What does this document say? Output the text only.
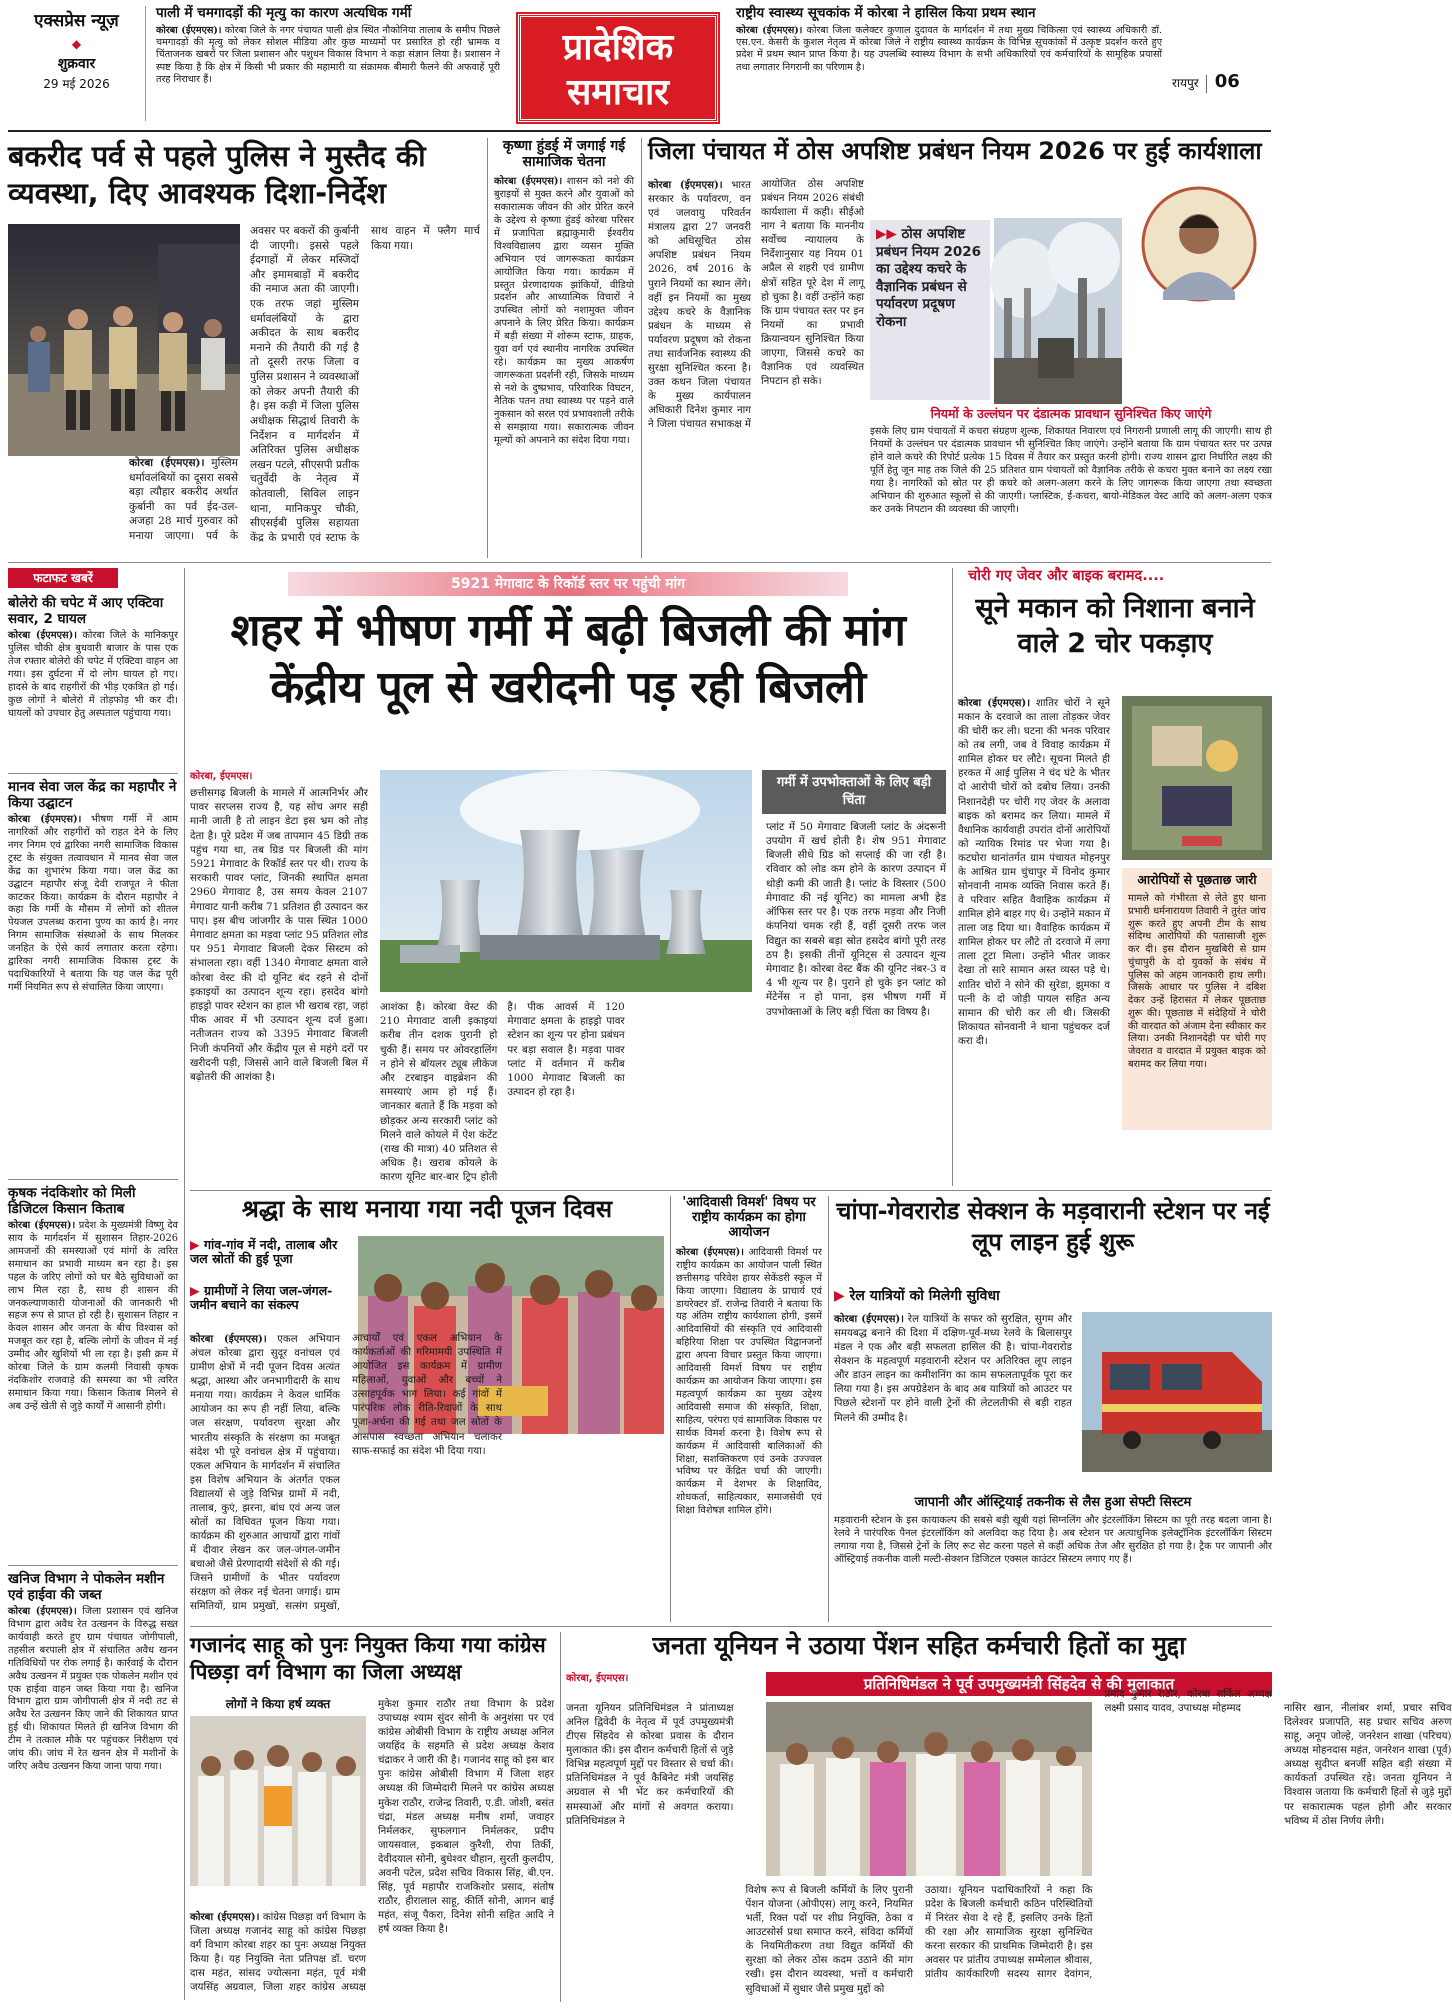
एक्सप्रेस न्यूज़
◆
शुक्रवार
29 मई 2026
पाली में चमगादड़ों की मृत्यु का कारण अत्यधिक गर्मी
कोरबा (ईएमएस)। कोरबा जिले के नगर पंचायत पाली क्षेत्र स्थित नौकोनिया तालाब के समीप पिछले चमगादड़ों की मृत्यु को लेकर सोशल मीडिया और कुछ माध्यमों पर प्रसारित हो रही भ्रामक व चिंताजनक खबरों पर जिला प्रशासन और पशुधन विकास विभाग ने कड़ा संज्ञान लिया है। प्रशासन ने स्पष्ट किया है कि क्षेत्र में किसी भी प्रकार की महामारी या संक्रामक बीमारी फैलने की अफवाहें पूरी तरह निराधार हैं।
प्रादेशिक
समाचार
राष्ट्रीय स्वास्थ्य सूचकांक में कोरबा ने हासिल किया प्रथम स्थान
कोरबा (ईएमएस)। कोरबा जिला कलेक्टर कुणाल दुदावत के मार्गदर्शन में तथा मुख्य चिकित्सा एवं स्वास्थ्य अधिकारी डॉ. एस.एन. केसरी के कुशल नेतृत्व में कोरबा जिले ने राष्ट्रीय स्वास्थ्य कार्यक्रम के विभिन्न सूचकांकों में उत्कृष्ट प्रदर्शन करते हुए प्रदेश में प्रथम स्थान प्राप्त किया है। यह उपलब्धि स्वास्थ्य विभाग के सभी अधिकारियों एवं कर्मचारियों के सामूहिक प्रयासों तथा लगातार निगरानी का परिणाम है।
रायपुर 06
बकरीद पर्व से पहले पुलिस ने मुस्तैद की व्यवस्था, दिए आवश्यक दिशा-निर्देश
कोरबा (ईएमएस)। मुस्लिम धर्मावलंबियों का दूसरा सबसे बड़ा त्यौहार बकरीद अर्थात कुर्बानी का पर्व ईद-उल-अजहा 28 मार्च गुरुवार को मनाया जाएगा। पर्व के अवसर पर बकरों की कुर्बानी दी जाएगी। इससे पहले ईदगाहों में लेकर मस्जिदों और इमामबाड़ों में बकरीद की नमाज अता की जाएगी। एक तरफ जहां मुस्लिम धर्मावलंबियों के द्वारा अकीदत के साथ बकरीद मनाने की तैयारी की गई है तो दूसरी तरफ जिला व पुलिस प्रशासन ने व्यवस्थाओं को लेकर अपनी तैयारी की है। इस कड़ी में जिला पुलिस अधीक्षक सिद्धार्थ तिवारी के निर्देशन व मार्गदर्शन में अतिरिक्त पुलिस अधीक्षक लखन पटले, सीएसपी प्रतीक चतुर्वेदी के नेतृत्व में कोतवाली, सिविल लाइन थाना, मानिकपुर चौकी, सीएसईबी पुलिस सहायता केंद्र के प्रभारी एवं स्टाफ के साथ वाहन में फ्लैग मार्च किया गया।
कृष्णा हुंडई में जगाई गई सामाजिक चेतना
कोरबा (ईएमएस)। शासन को नशे की बुराइयों से मुक्त करने और युवाओं को सकारात्मक जीवन की ओर प्रेरित करने के उद्देश्य से कृष्णा हुंडई कोरबा परिसर में प्रजापिता ब्रह्माकुमारी ईश्वरीय विश्वविद्यालय द्वारा व्यसन मुक्ति अभियान एवं जागरूकता कार्यक्रम आयोजित किया गया। कार्यक्रम में प्रस्तुत प्रेरणादायक झांकियों, वीडियो प्रदर्शन और आध्यात्मिक विचारों ने उपस्थित लोगों को नशामुक्त जीवन अपनाने के लिए प्रेरित किया। कार्यक्रम में बड़ी संख्या में शोरूम स्टाफ, ग्राहक, युवा वर्ग एवं स्थानीय नागरिक उपस्थित रहे। कार्यक्रम का मुख्य आकर्षण जागरूकता प्रदर्शनी रही, जिसके माध्यम से नशे के दुष्प्रभाव, परिवारिक विघटन, नैतिक पतन तथा स्वास्थ्य पर पड़ने वाले नुकसान को सरल एवं प्रभावशाली तरीके से समझाया गया। सकारात्मक जीवन मूल्यों को अपनाने का संदेश दिया गया।
जिला पंचायत में ठोस अपशिष्ट प्रबंधन नियम 2026 पर हुई कार्यशाला
कोरबा (ईएमएस)। भारत सरकार के पर्यावरण, वन एवं जलवायु परिवर्तन मंत्रालय द्वारा 27 जनवरी को अधिसूचित ठोस अपशिष्ट प्रबंधन नियम 2026, वर्ष 2016 के पुराने नियमों का स्थान लेंगे। वहीं इन नियमों का मुख्य उद्देश्य कचरे के वैज्ञानिक प्रबंधन के माध्यम से पर्यावरण प्रदूषण को रोकना तथा सार्वजनिक स्वास्थ्य की सुरक्षा सुनिश्चित करना है। उक्त कथन जिला पंचायत के मुख्य कार्यपालन अधिकारी दिनेश कुमार नाग ने जिला पंचायत सभाकक्ष में आयोजित ठोस अपशिष्ट प्रबंधन नियम 2026 संबंधी कार्यशाला में कही। सीईओ नाग ने बताया कि माननीय सर्वोच्च न्यायालय के निर्देशानुसार यह नियम 01 अप्रैल से शहरी एवं ग्रामीण क्षेत्रों सहित पूरे देश में लागू हो चुका है। वहीं उन्होंने कहा कि ग्राम पंचायत स्तर पर इन नियमों का प्रभावी क्रियान्वयन सुनिश्चित किया जाएगा, जिससे कचरे का वैज्ञानिक एवं व्यवस्थित निपटान हो सके।
▶▶ ठोस अपशिष्ट प्रबंधन नियम 2026 का उद्देश्य कचरे के वैज्ञानिक प्रबंधन से पर्यावरण प्रदूषण रोकना
नियमों के उल्लंघन पर दंडात्मक प्रावधान सुनिश्चित किए जाएंगे
इसके लिए ग्राम पंचायतों में कचरा संग्रहण शुल्क, शिकायत निवारण एवं निगरानी प्रणाली लागू की जाएगी। साथ ही नियमों के उल्लंघन पर दंडात्मक प्रावधान भी सुनिश्चित किए जाएंगे। उन्होंने बताया कि ग्राम पंचायत स्तर पर उत्पन्न होने वाले कचरे की रिपोर्ट प्रत्येक 15 दिवस में तैयार कर प्रस्तुत करनी होगी। राज्य शासन द्वारा निर्धारित लक्ष्य की पूर्ति हेतु जून माह तक जिले की 25 प्रतिशत ग्राम पंचायतों को वैज्ञानिक तरीके से कचरा मुक्त बनाने का लक्ष्य रखा गया है। नागरिकों को स्रोत पर ही कचरे को अलग-अलग करने के लिए जागरूक किया जाएगा तथा स्वच्छता अभियान की शुरुआत स्कूलों से की जाएगी। प्लास्टिक, ई-कचरा, बायो-मेडिकल वेस्ट आदि को अलग-अलग एकत्र कर उनके निपटान की व्यवस्था की जाएगी।
फटाफट खबरें
बोलेरो की चपेट में आए एक्टिवा सवार, 2 घायल
कोरबा (ईएमएस)। कोरबा जिले के मानिकपुर पुलिस चौकी क्षेत्र बुधवारी बाजार के पास एक तेज रफ्तार बोलेरो की चपेट में एक्टिवा वाहन आ गया। इस दुर्घटना में दो लोग घायल हो गए। हादसे के बाद राहगीरों की भीड़ एकत्रित हो गई। कुछ लोगों ने बोलेरो में तोड़फोड़ भी कर दी। घायलों को उपचार हेतु अस्पताल पहुंचाया गया।
मानव सेवा जल केंद्र का महापौर ने किया उद्घाटन
कोरबा (ईएमएस)। भीषण गर्मी में आम नागरिकों और राहगीरों को राहत देने के लिए नगर निगम एवं द्वारिका नगरी सामाजिक विकास ट्रस्ट के संयुक्त तत्वावधान में मानव सेवा जल केंद्र का शुभारंभ किया गया। जल केंद्र का उद्घाटन महापौर संजू देवी राजपूत ने फीता काटकर किया। कार्यक्रम के दौरान महापौर ने कहा कि गर्मी के मौसम में लोगों को शीतल पेयजल उपलब्ध कराना पुण्य का कार्य है। नगर निगम सामाजिक संस्थाओं के साथ मिलकर जनहित के ऐसे कार्य लगातार करता रहेगा। द्वारिका नगरी सामाजिक विकास ट्रस्ट के पदाधिकारियों ने बताया कि यह जल केंद्र पूरी गर्मी नियमित रूप से संचालित किया जाएगा।
कृषक नंदकिशोर को मिली डिजिटल किसान किताब
कोरबा (ईएमएस)। प्रदेश के मुख्यमंत्री विष्णु देव साय के मार्गदर्शन में सुशासन तिहार-2026 आमजनों की समस्याओं एवं मांगों के त्वरित समाधान का प्रभावी माध्यम बन रहा है। इस पहल के जरिए लोगों को घर बैठे सुविधाओं का लाभ मिल रहा है, साथ ही शासन की जनकल्याणकारी योजनाओं की जानकारी भी सहज रूप से प्राप्त हो रही है। सुशासन तिहार न केवल शासन और जनता के बीच विश्वास को मजबूत कर रहा है, बल्कि लोगों के जीवन में नई उम्मीद और खुशियों भी ला रहा है। इसी क्रम में कोरबा जिले के ग्राम कलमी निवासी कृषक नंदकिशोर राजवाड़े की समस्या का भी त्वरित समाधान किया गया। किसान किताब मिलने से अब उन्हें खेती से जुड़े कार्यों में आसानी होगी।
खनिज विभाग ने पोकलेन मशीन एवं हाईवा की जब्त
कोरबा (ईएमएस)। जिला प्रशासन एवं खनिज विभाग द्वारा अवैध रेत उत्खनन के विरुद्ध सख्त कार्यवाही करते हुए ग्राम पंचायत जोगीपाली, तहसील बरपाली क्षेत्र में संचालित अवैध खनन गतिविधियों पर रोक लगाई है। कार्रवाई के दौरान अवैध उत्खनन में प्रयुक्त एक पोकलेन मशीन एवं एक हाईवा वाहन जब्त किया गया है। खनिज विभाग द्वारा ग्राम जोगीपाली क्षेत्र में नदी तट से अवैध रेत उत्खनन किए जाने की शिकायत प्राप्त हुई थी। शिकायत मिलते ही खनिज विभाग की टीम ने तत्काल मौके पर पहुंचकर निरीक्षण एवं जांच की। जांच में रेत खनन क्षेत्र में मशीनों के जरिए अवैध उत्खनन किया जाना पाया गया।
5921 मेगावाट के रिकॉर्ड स्तर पर पहुंची मांग
शहर में भीषण गर्मी में बढ़ी बिजली की मांग
केंद्रीय पूल से खरीदनी पड़ रही बिजली
कोरबा, ईएमएस।
छत्तीसगढ़ बिजली के मामले में आत्मनिर्भर और पावर सरप्लस राज्य है, यह सोच अगर सही मानी जाती है तो लाइन डेटा इस भ्रम को तोड़ देता है। पूरे प्रदेश में जब तापमान 45 डिग्री तक पहुंच गया था, तब ग्रिड पर बिजली की मांग 5921 मेगावाट के रिकॉर्ड स्तर पर थी। राज्य के सरकारी पावर प्लांट, जिनकी स्थापित क्षमता 2960 मेगावाट है, उस समय केवल 2107 मेगावाट यानी करीब 71 प्रतिशत ही उत्पादन कर पाए। इस बीच जांजगीर के पास स्थित 1000 मेगावाट क्षमता का मड़वा प्लांट 95 प्रतिशत लोड पर 951 मेगावाट बिजली देकर सिस्टम को संभालता रहा। वहीं 1340 मेगावाट क्षमता वाले कोरबा वेस्ट की दो यूनिट बंद रहने से दोनों इकाइयों का उत्पादन शून्य रहा। हसदेव बांगो हाइड्रो पावर स्टेशन का हाल भी खराब रहा, जहां पीक आवर में भी उत्पादन शून्य दर्ज हुआ। नतीजतन राज्य को 3395 मेगावाट बिजली निजी कंपनियों और केंद्रीय पूल से महंगे दरों पर खरीदनी पड़ी, जिससे आने वाले बिजली बिल में बढ़ोतरी की आशंका है।
आशंका है। कोरबा वेस्ट की 210 मेगावाट वाली इकाइयां करीब तीन दशक पुरानी हो चुकी हैं। समय पर ओवरहालिंग न होने से बॉयलर ट्यूब लीकेज और टरबाइन वाइब्रेशन की समस्याएं आम हो गई हैं। जानकार बताते हैं कि मड़वा को छोड़कर अन्य सरकारी प्लांट को मिलने वाले कोयले में ऐश कंटेंट (राख की मात्रा) 40 प्रतिशत से अधिक है। खराब कोयले के कारण यूनिट बार-बार ट्रिप होती है। पीक आवर्स में 120 मेगावाट क्षमता के हाइड्रो पावर स्टेशन का शून्य पर होना प्रबंधन पर बड़ा सवाल है। मड़वा पावर प्लांट में वर्तमान में करीब 1000 मेगावाट बिजली का उत्पादन हो रहा है।
गर्मी में उपभोक्ताओं के लिए बड़ी चिंता
प्लांट में 50 मेगावाट बिजली प्लांट के अंदरूनी उपयोग में खर्च होती है। शेष 951 मेगावाट बिजली सीधे ग्रिड को सप्लाई की जा रही है। रविवार को लोड कम होने के कारण उत्पादन में थोड़ी कमी की जाती है। प्लांट के विस्तार (500 मेगावाट की नई यूनिट) का मामला अभी हेड ऑफिस स्तर पर है। एक तरफ मड़वा और निजी कंपनियां चमक रही हैं, वहीं दूसरी तरफ जल विद्युत का सबसे बड़ा स्रोत हसदेव बांगो पूरी तरह ठप है। इसकी तीनों यूनिट्स से उत्पादन शून्य मेगावाट है। कोरबा वेस्ट बैंक की यूनिट नंबर-3 व 4 भी शून्य पर है। पुराने हो चुके इन प्लांट को मेंटेनेंस न हो पाना, इस भीषण गर्मी में उपभोक्ताओं के लिए बड़ी चिंता का विषय है।
चोरी गए जेवर और बाइक बरामद....
सूने मकान को निशाना बनाने वाले 2 चोर पकड़ाए
कोरबा (ईएमएस)। शातिर चोरों ने सूने मकान के दरवाजे का ताला तोड़कर जेवर की चोरी कर ली। घटना की भनक परिवार को तब लगी, जब वे विवाह कार्यक्रम में शामिल होकर घर लौटे। सूचना मिलते ही हरकत में आई पुलिस ने चंद घंटे के भीतर दो आरोपी चोरों को दबोच लिया। उनकी निशानदेही पर चोरी गए जेवर के अलावा बाइक को बरामद कर लिया। मामले में वैधानिक कार्यवाही उपरांत दोनों आरोपियों को न्यायिक रिमांड पर भेजा गया है। कटघोरा थानांतर्गत ग्राम पंचायत मोहनपुर के आश्रित ग्राम चुंचापुर में विनोद कुमार सोनवानी नामक व्यक्ति निवास करते हैं। वे परिवार सहित वैवाहिक कार्यक्रम में शामिल होने बाहर गए थे। उन्होंने मकान में ताला जड़ दिया था। वैवाहिक कार्यक्रम में शामिल होकर घर लौटे तो दरवाजे में लगा ताला टूटा मिला। उन्होंने भीतर जाकर देखा तो सारे सामान अस्त व्यस्त पड़े थे। शातिर चोरों ने सोने की सुरेडा, झुमका व पत्नी के दो जोड़ी पायल सहित अन्य सामान की चोरी कर ली थी। जिसकी शिकायत सोनवानी ने थाना पहुंचकर दर्ज करा दी।
आरोपियों से पूछताछ जारी
मामले को गंभीरता से लेते हुए थाना प्रभारी धर्मनारायण तिवारी ने तुरंत जांच शुरू करते हुए अपनी टीम के साथ संदिग्ध आरोपियों की पतासाजी शुरू कर दी। इस दौरान मुखबिरी से ग्राम चुंचापुरी के दो युवकों के संबंध में पुलिस को अहम जानकारी हाथ लगी। जिसके आधार पर पुलिस ने दबिश देकर उन्हें हिरासत में लेकर पूछताछ शुरू की। पूछताछ में संदेहियों ने चोरी की वारदात को अंजाम देना स्वीकार कर लिया। उनकी निशानदेही पर चोरी गए जेवरात व वारदात में प्रयुक्त बाइक को बरामद कर लिया गया।
श्रद्धा के साथ मनाया गया नदी पूजन दिवस
▶ गांव-गांव में नदी, तालाब और जल स्रोतों की हुई पूजा
▶ ग्रामीणों ने लिया जल-जंगल-जमीन बचाने का संकल्प
कोरबा (ईएमएस)। एकल अभियान अंचल कोरबा द्वारा सुदूर वनांचल एवं ग्रामीण क्षेत्रों में नदी पूजन दिवस अत्यंत श्रद्धा, आस्था और जनभागीदारी के साथ मनाया गया। कार्यक्रम ने केवल धार्मिक आयोजन का रूप ही नहीं लिया, बल्कि जल संरक्षण, पर्यावरण सुरक्षा और भारतीय संस्कृति के संरक्षण का मजबूत संदेश भी पूरे वनांचल क्षेत्र में पहुंचाया। एकल अभियान के मार्गदर्शन में संचालित इस विशेष अभियान के अंतर्गत एकल विद्यालयों से जुड़े विभिन्न ग्रामों में नदी, तालाब, कुएं, झरना, बांध एवं अन्य जल स्रोतों का विधिवत पूजन किया गया। कार्यक्रम की शुरुआत आचार्यों द्वारा गांवों में दीवार लेखन कर जल-जंगल-जमीन बचाओ जैसे प्रेरणादायी संदेशों से की गई। जिसने ग्रामीणों के भीतर पर्यावरण संरक्षण को लेकर नई चेतना जगाई। ग्राम समितियों, ग्राम प्रमुखों, सत्संग प्रमुखों, आचार्यों एवं एकल अभियान के कार्यकर्ताओं की गरिमामयी उपस्थिति में आयोजित इस कार्यक्रम में ग्रामीण महिलाओं, युवाओं और बच्चों ने उत्साहपूर्वक भाग लिया। कई गांवों में पारंपरिक लोक रीति-रिवाजों के साथ पूजा-अर्चना की गई तथा जल स्रोतों के आसपास स्वच्छता अभियान चलाकर साफ-सफाई का संदेश भी दिया गया।
'आदिवासी विमर्श' विषय पर राष्ट्रीय कार्यक्रम का होगा आयोजन
कोरबा (ईएमएस)। आदिवासी विमर्श पर राष्ट्रीय कार्यक्रम का आयोजन पाली स्थित छत्तीसगढ़ परिवेश हायर सेकेंडरी स्कूल में किया जाएगा। विद्यालय के प्राचार्य एवं डायरेक्टर डॉ. राजेन्द्र तिवारी ने बताया कि यह अंतिम राष्ट्रीय कार्यशाला होगी, इसमें आदिवासियों की संस्कृति एवं आदिवासी बहिरिया शिक्षा पर उपस्थित विद्वानजनों द्वारा अपना विचार प्रस्तुत किया जाएगा। आदिवासी विमर्श विषय पर राष्ट्रीय कार्यक्रम का आयोजन किया जाएगा। इस महत्वपूर्ण कार्यक्रम का मुख्य उद्देश्य आदिवासी समाज की संस्कृति, शिक्षा, साहित्य, परंपरा एवं सामाजिक विकास पर सार्थक विमर्श करना है। विशेष रूप से कार्यक्रम में आदिवासी बालिकाओं की शिक्षा, सशक्तिकरण एवं उनके उज्ज्वल भविष्य पर केंद्रित चर्चा की जाएगी। कार्यक्रम में देशभर के शिक्षाविद, शोधकर्ता, साहित्यकार, समाजसेवी एवं शिक्षा विशेषज्ञ शामिल होंगे।
चांपा-गेवरारोड सेक्शन के मड़वारानी स्टेशन पर नई लूप लाइन हुई शुरू
▶ रेल यात्रियों को मिलेगी सुविधा
कोरबा (ईएमएस)। रेल यात्रियों के सफर को सुरक्षित, सुगम और समयबद्ध बनाने की दिशा में दक्षिण-पूर्व-मध्य रेलवे के बिलासपुर मंडल ने एक और बड़ी सफलता हासिल की है। चांपा-गेवरारोड सेक्शन के महत्वपूर्ण मड़वारानी स्टेशन पर अतिरिक्त लूप लाइन और डाउन लाइन का कमीशनिंग का काम सफलतापूर्वक पूरा कर लिया गया है। इस अपग्रेडेशन के बाद अब यात्रियों को आउटर पर पिछले स्टेशनों पर होने वाली ट्रेनों की लेटलतीफी से बड़ी राहत मिलने की उम्मीद है।
जापानी और ऑस्ट्रियाई तकनीक से लैस हुआ सेफ्टी सिस्टम
मड़वारानी स्टेशन के इस कायाकल्प की सबसे बड़ी खूबी यहां सिग्नलिंग और इंटरलॉकिंग सिस्टम का पूरी तरह बदला जाना है। रेलवे ने पारंपरिक पैनल इंटरलॉकिंग को अलविदा कह दिया है। अब स्टेशन पर अत्याधुनिक इलेक्ट्रॉनिक इंटरलॉकिंग सिस्टम लगाया गया है, जिससे ट्रेनों के लिए रूट सेट करना पहले से कहीं अधिक तेज और सुरक्षित हो गया है। ट्रैक पर जापानी और ऑस्ट्रियाई तकनीक वाली मल्टी-सेक्शन डिजिटल एक्सल काउंटर सिस्टम लगाए गए हैं।
गजानंद साहू को पुनः नियुक्त किया गया कांग्रेस पिछड़ा वर्ग विभाग का जिला अध्यक्ष
लोगों ने किया हर्ष व्यक्त
कोरबा (ईएमएस)। कांग्रेस पिछड़ा वर्ग विभाग के जिला अध्यक्ष गजानंद साहू को कांग्रेस पिछड़ा वर्ग विभाग कोरबा शहर का पुनः अध्यक्ष नियुक्त किया है। यह नियुक्ति नेता प्रतिपक्ष डॉ. चरण दास महंत, सांसद ज्योत्सना महंत, पूर्व मंत्री जयसिंह अग्रवाल, जिला शहर कांग्रेस अध्यक्ष मुकेश कुमार राठौर तथा विभाग के प्रदेश उपाध्यक्ष श्याम सुंदर सोनी के अनुशंसा पर एवं कांग्रेस ओबीसी विभाग के राष्ट्रीय अध्यक्ष अनिल जयहिंद के सहमति से प्रदेश अध्यक्ष केशव चंद्राकर ने जारी की है। गजानंद साहू को इस बार पुनः कांग्रेस ओबीसी विभाग में जिला शहर अध्यक्ष की जिम्मेदारी मिलने पर कांग्रेस अध्यक्ष मुकेश राठौर, राजेन्द्र तिवारी, ए.डी. जोशी, बसंत चंद्रा, मंडल अध्यक्ष मनीष शर्मा, जवाहर निर्मलकर, सुफलगान निर्मलकर, प्रदीप जायसवाल, इकबाल कुरैशी, रोपा तिर्की, देवीदयाल सोनी, बुधेश्वर चौहान, सुरती कुलदीप, अवनी पटेल, प्रदेश सचिव विकास सिंह, बी.एन. सिंह, पूर्व महापौर राजकिशोर प्रसाद, संतोष राठौर, हीरालाल साहू, कीर्ति सोनी, आगन बाई महंत, संजू पैकरा, दिनेश सोनी सहित आदि ने हर्ष व्यक्त किया है।
जनता यूनियन ने उठाया पेंशन सहित कर्मचारी हितों का मुद्दा
कोरबा, ईएमएस।	प्रतिनिधिमंडल ने पूर्व उपमुख्यमंत्री सिंहदेव से की मुलाकात
जनता यूनियन प्रतिनिधिमंडल ने प्रांताध्यक्ष अनिल द्विवेदी के नेतृत्व में पूर्व उपमुख्यमंत्री टीएस सिंहदेव से कोरबा प्रवास के दौरान मुलाकात की। इस दौरान कर्मचारी हितों से जुड़े विभिन्न महत्वपूर्ण मुद्दों पर विस्तार से चर्चा की। प्रतिनिधिमंडल ने पूर्व कैबिनेट मंत्री जयसिंह अग्रवाल से भी भेंट कर कर्मचारियों की समस्याओं और मांगों से अवगत कराया। प्रतिनिधिमंडल ने
विशेष रूप से बिजली कर्मियों के लिए पुरानी पेंशन योजना (ओपीएस) लागू करने, नियमित भर्ती, रिक्त पदों पर शीघ्र नियुक्ति, ठेका व आउटसोर्स प्रथा समाप्त करने, संविदा कर्मियों के नियमितीकरण तथा विद्युत कर्मियों की सुरक्षा को लेकर ठोस कदम उठाने की मांग रखी। इस दौरान व्यवस्था, भत्तों व कर्मचारी सुविधाओं में सुधार जैसे प्रमुख मुद्दों को
उठाया। यूनियन पदाधिकारियों ने कहा कि प्रदेश के बिजली कर्मचारी कठिन परिस्थितियों में निरंतर सेवा दे रहे हैं, इसलिए उनके हितों की रक्षा और सामाजिक सुरक्षा सुनिश्चित करना सरकार की प्राथमिक जिम्मेदारी है। इस अवसर पर प्रांतीय उपाध्यक्ष सम्मेलाल श्रीवास, प्रांतीय कार्यकारिणी सदस्य सागर देवांगन, प्रमोद कुमार राठौर, कोरबा सर्किल अध्यक्ष लक्ष्मी प्रसाद यादव, उपाध्यक्ष मोहम्मद	नासिर खान, नीलांबर शर्मा, प्रचार सचिव दिलेश्वर प्रजापति, सह प्रचार सचिव अरुण साहू, अनूप जोल्हे, जनरेशन शाखा (परिचय) अध्यक्ष मोहनदास महंत, जनरेशन शाखा (पूर्व) अध्यक्ष सुदीप्त बनर्जी सहित बड़ी संख्या में कार्यकर्ता उपस्थित रहे। जनता यूनियन ने विश्वास जताया कि कर्मचारी हितों से जुड़े मुद्दों पर सकारात्मक पहल होगी और सरकार भविष्य में ठोस निर्णय लेगी।
